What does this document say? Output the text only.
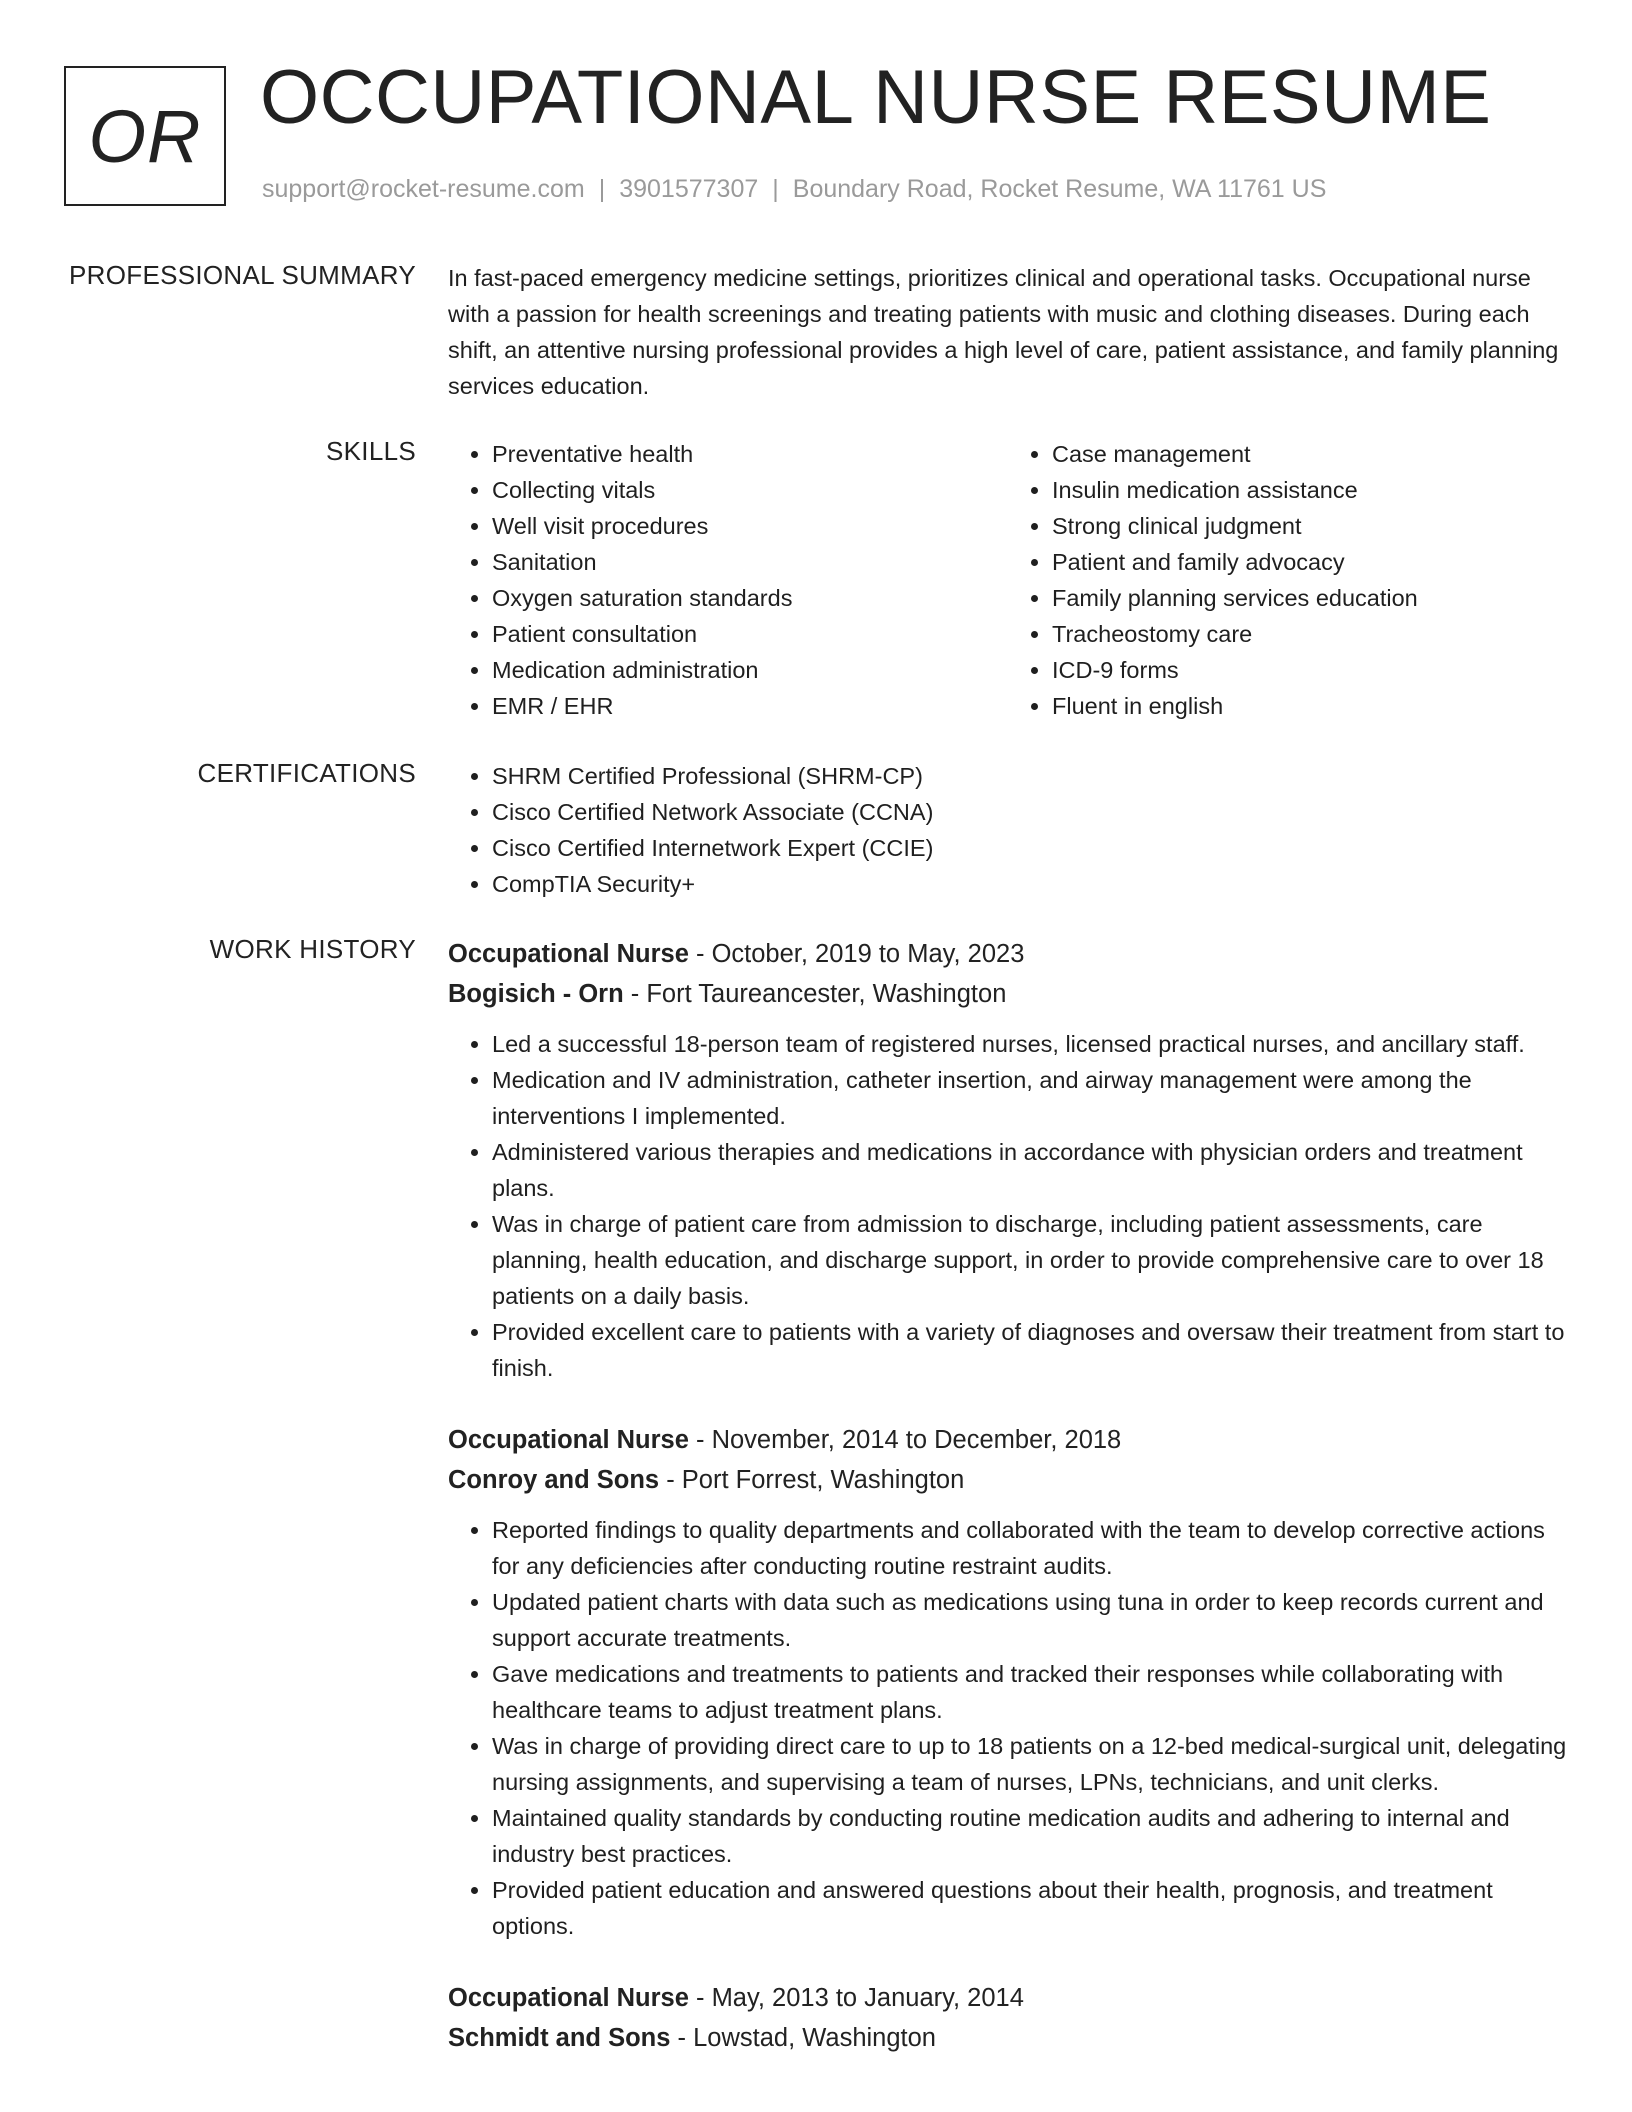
OR OCCUPATIONAL NURSE RESUME
support@rocket-resume.com | 3901577307 | Boundary Road, Rocket Resume, WA 11761 US
PROFESSIONAL SUMMARY In fast-paced emergency medicine settings, prioritizes clinical and operational tasks. Occupational nurse with a passion for health screenings and treating patients with music and clothing diseases. During each shift, an attentive nursing professional provides a high level of care, patient assistance, and family planning services education.

SKILLS	• Preventative health
• Collecting vitals
• Well visit procedures
• Sanitation
• Oxygen saturation standards
• Patient consultation
• Medication administration
• EMR / EHR
• Case management
• Insulin medication assistance
• Strong clinical judgment
• Patient and family advocacy
• Family planning services education
• Tracheostomy care
• ICD-9 forms
• Fluent in english
CERTIFICATIONS	• SHRM Certified Professional (SHRM-CP)
• Cisco Certified Network Associate (CCNA)
• Cisco Certified Internetwork Expert (CCIE)
• CompTIA Security+
WORK HISTORY Occupational Nurse - October, 2019 to May, 2023
Bogisich - Orn - Fort Taureancester, Washington
• Led a successful 18-person team of registered nurses, licensed practical nurses, and ancillary staff.
• Medication and IV administration, catheter insertion, and airway management were among the interventions I implemented.
• Administered various therapies and medications in accordance with physician orders and treatment plans.
• Was in charge of patient care from admission to discharge, including patient assessments, care planning, health education, and discharge support, in order to provide comprehensive care to over 18 patients on a daily basis.
• Provided excellent care to patients with a variety of diagnoses and oversaw their treatment from start to finish.
Occupational Nurse - November, 2014 to December, 2018
Conroy and Sons - Port Forrest, Washington
• Reported findings to quality departments and collaborated with the team to develop corrective actions for any deficiencies after conducting routine restraint audits.
• Updated patient charts with data such as medications using tuna in order to keep records current and support accurate treatments.
• Gave medications and treatments to patients and tracked their responses while collaborating with healthcare teams to adjust treatment plans.
• Was in charge of providing direct care to up to 18 patients on a 12-bed medical-surgical unit, delegating nursing assignments, and supervising a team of nurses, LPNs, technicians, and unit clerks.
• Maintained quality standards by conducting routine medication audits and adhering to internal and industry best practices.
• Provided patient education and answered questions about their health, prognosis, and treatment options.
Occupational Nurse - May, 2013 to January, 2014
Schmidt and Sons - Lowstad, Washington
